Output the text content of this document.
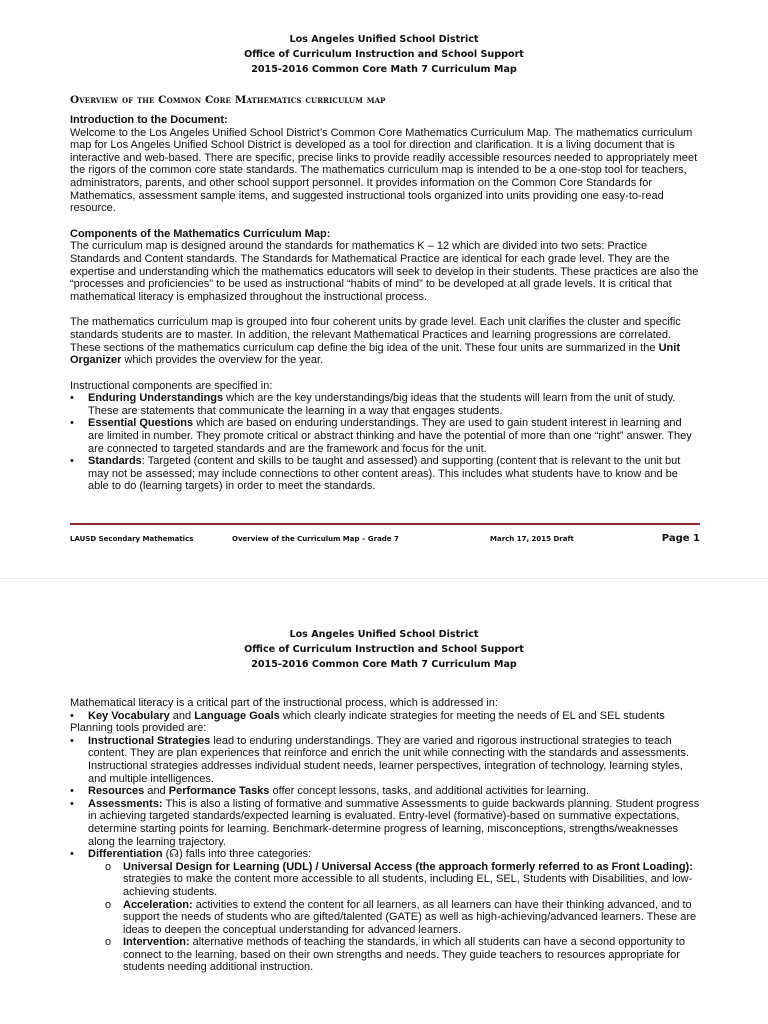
Los Angeles Unified School District
Office of Curriculum Instruction and School Support
2015-2016 Common Core Math 7 Curriculum Map
Overview of the Common Core Mathematics curriculum map

Introduction to the Document:

Welcome to the Los Angeles Unified School District’s Common Core Mathematics Curriculum Map. The mathematics curriculum map for Los Angeles Unified School District is developed as a tool for direction and clarification. It is a living document that is interactive and web-based. There are specific, precise links to provide readily accessible resources needed to appropriately meet the rigors of the common core state standards. The mathematics curriculum map is intended to be a one-stop tool for teachers, administrators, parents, and other school support personnel. It provides information on the Common Core Standards for Mathematics, assessment sample items, and suggested instructional tools organized into units providing one easy-to-read resource.

Components of the Mathematics Curriculum Map:

The curriculum map is designed around the standards for mathematics K – 12 which are divided into two sets: Practice Standards and Content standards. The Standards for Mathematical Practice are identical for each grade level. They are the expertise and understanding which the mathematics educators will seek to develop in their students. These practices are also the “processes and proficiencies” to be used as instructional “habits of mind” to be developed at all grade levels. It is critical that mathematical literacy is emphasized throughout the instructional process.

The mathematics curriculum map is grouped into four coherent units by grade level. Each unit clarifies the cluster and specific standards students are to master. In addition, the relevant Mathematical Practices and learning progressions are correlated. These sections of the mathematics curriculum cap define the big idea of the unit. These four units are summarized in the Unit Organizer which provides the overview for the year.

Instructional components are specified in:

• Enduring Understandings which are the key understandings/big ideas that the students will learn from the unit of study. These are statements that communicate the learning in a way that engages students.
• Essential Questions which are based on enduring understandings. They are used to gain student interest in learning and are limited in number. They promote critical or abstract thinking and have the potential of more than one “right” answer. They are connected to targeted standards and are the framework and focus for the unit.
• Standards: Targeted (content and skills to be taught and assessed) and supporting (content that is relevant to the unit but may not be assessed; may include connections to other content areas). This includes what students have to know and be able to do (learning targets) in order to meet the standards.
LAUSD Secondary Mathematics	Overview of the Curriculum Map – Grade 7	March 17, 2015 Draft	Page 1
Los Angeles Unified School District
Office of Curriculum Instruction and School Support
2015-2016 Common Core Math 7 Curriculum Map

Mathematical literacy is a critical part of the instructional process, which is addressed in:

• Key Vocabulary and Language Goals which clearly indicate strategies for meeting the needs of EL and SEL students

Planning tools provided are:

• Instructional Strategies lead to enduring understandings. They are varied and rigorous instructional strategies to teach content. They are plan experiences that reinforce and enrich the unit while connecting with the standards and assessments. Instructional strategies addresses individual student needs, learner perspectives, integration of technology, learning styles, and multiple intelligences.
• Resources and Performance Tasks offer concept lessons, tasks, and additional activities for learning.
• Assessments: This is also a listing of formative and summative Assessments to guide backwards planning. Student progress in achieving targeted standards/expected learning is evaluated. Entry-level (formative)-based on summative expectations, determine starting points for learning. Benchmark-determine progress of learning, misconceptions, strengths/weaknesses along the learning trajectory.
• Differentiation (☊) falls into three categories:
o Universal Design for Learning (UDL) / Universal Access (the approach formerly referred to as Front Loading): strategies to make the content more accessible to all students, including EL, SEL, Students with Disabilities, and low-achieving students.
o Acceleration: activities to extend the content for all learners, as all learners can have their thinking advanced, and to support the needs of students who are gifted/talented (GATE) as well as high-achieving/advanced learners. These are ideas to deepen the conceptual understanding for advanced learners.
o Intervention: alternative methods of teaching the standards, in which all students can have a second opportunity to connect to the learning, based on their own strengths and needs. They guide teachers to resources appropriate for students needing additional instruction.
